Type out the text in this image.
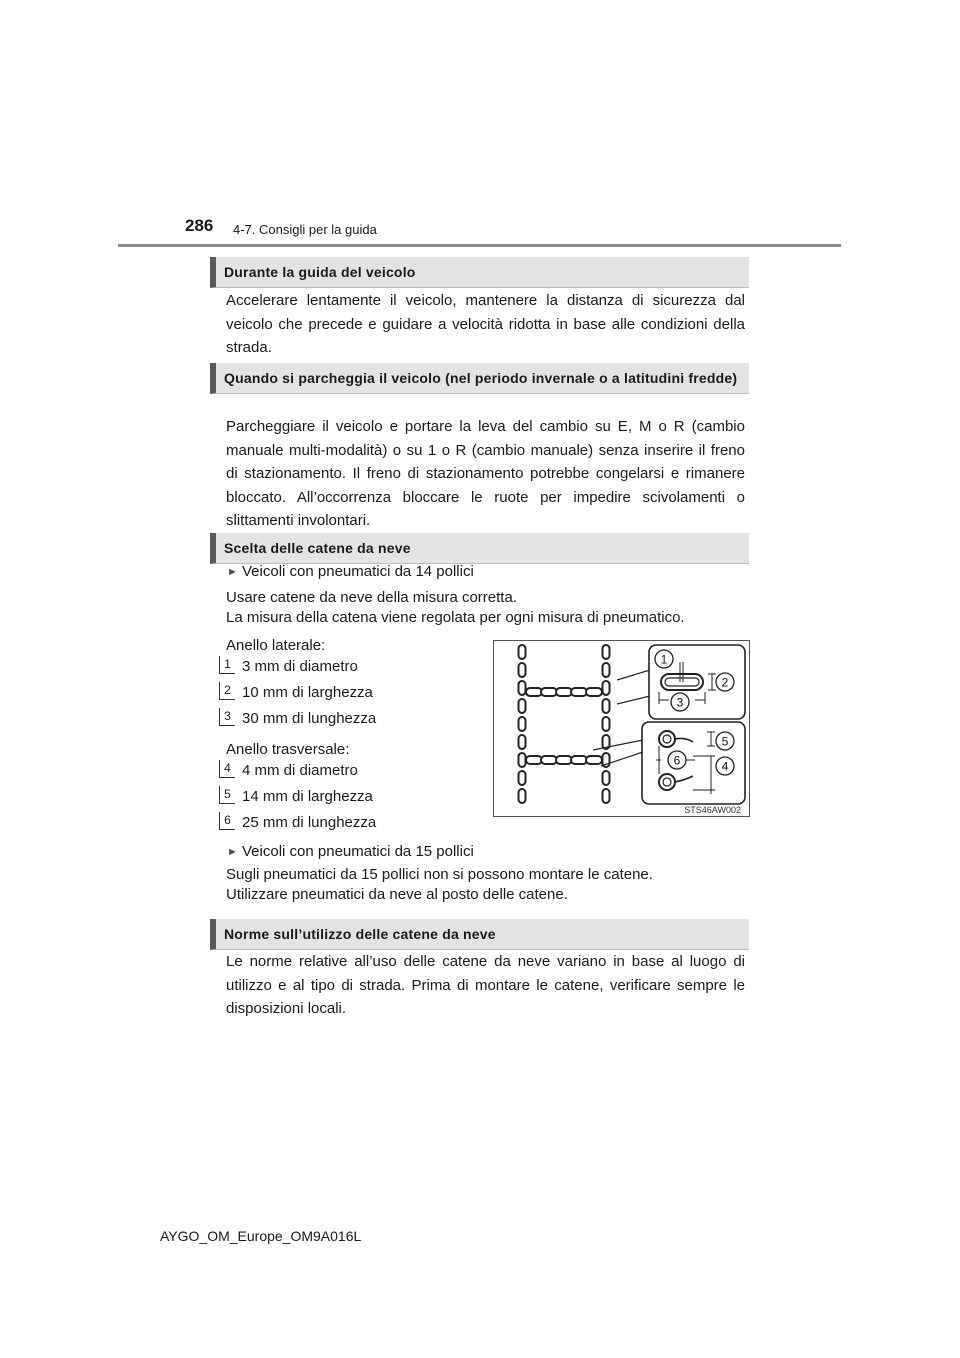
286 4-7. Consigli per la guida
Durante la guida del veicolo

Accelerare lentamente il veicolo, mantenere la distanza di sicurezza dal veicolo che precede e guidare a velocità ridotta in base alle condizioni della strada.

Quando si parcheggia il veicolo (nel periodo invernale o a latitudini fredde)

Parcheggiare il veicolo e portare la leva del cambio su E, M o R (cambio manuale multi-modalità) o su 1 o R (cambio manuale) senza inserire il freno di stazionamento. Il freno di stazionamento potrebbe congelarsi e rimanere bloccato. All’occorrenza bloccare le ruote per impedire scivolamenti o slittamenti involontari.

Scelta delle catene da neve
► Veicoli con pneumatici da 14 pollici
Usare catene da neve della misura corretta.
La misura della catena viene regolata per ogni misura di pneumatico.
Anello laterale:
1 3 mm di diametro
2 10 mm di larghezza
3 30 mm di lunghezza
Anello trasversale:
4 4 mm di diametro
5 14 mm di larghezza
6 25 mm di lunghezza
1
2
3
5
6	4
STS46AW002
► Veicoli con pneumatici da 15 pollici
Sugli pneumatici da 15 pollici non si possono montare le catene.
Utilizzare pneumatici da neve al posto delle catene.
Norme sull’utilizzo delle catene da neve

Le norme relative all’uso delle catene da neve variano in base al luogo di utilizzo e al tipo di strada. Prima di montare le catene, verificare sempre le disposizioni locali.

AYGO_OM_Europe_OM9A016L
